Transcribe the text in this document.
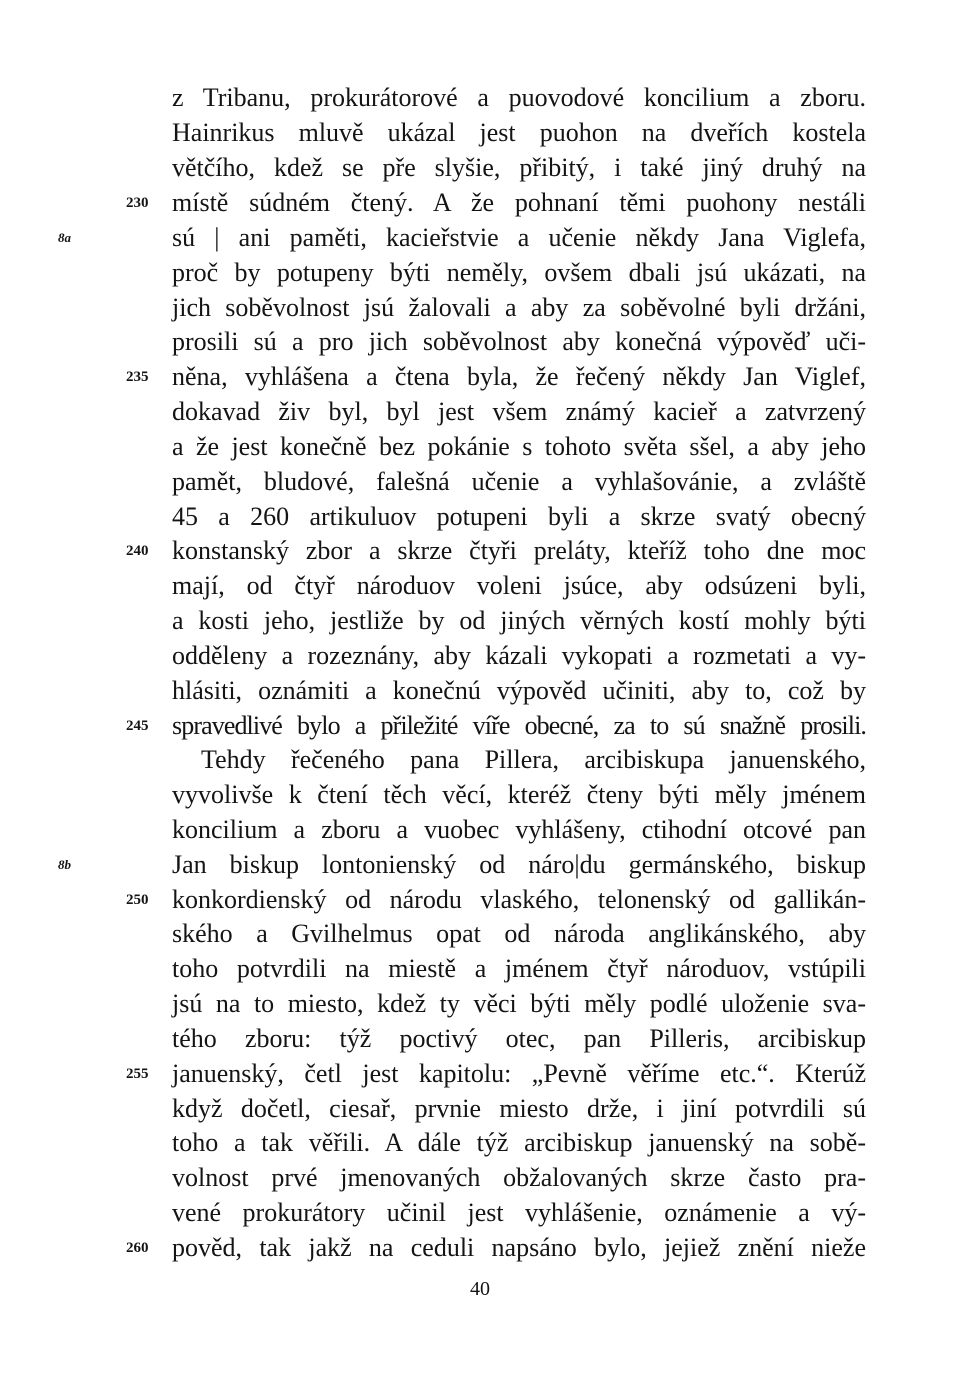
z Tribanu, prokurátorové a puovodové koncilium a zboru.
Hainrikus mluvě ukázal jest puohon na dveřích kostela
větčího, kdež se pře slyšie, přibitý, i také jiný druhý na
místě súdném čtený. A že pohnaní těmi puohony nestáli
sú | ani paměti, kacieřstvie a učenie někdy Jana Viglefa,
proč by potupeny býti neměly, ovšem dbali jsú ukázati, na
jich soběvolnost jsú žalovali a aby za soběvolné byli držáni,
prosili sú a pro jich soběvolnost aby konečná výpověď uči-
něna, vyhlášena a čtena byla, že řečený někdy Jan Viglef,
dokavad živ byl, byl jest všem známý kacieř a zatvrzený
a že jest konečně bez pokánie s tohoto světa sšel, a aby jeho
pamět, bludové, falešná učenie a vyhlašovánie, a zvláště
45 a 260 artikuluov potupeni byli a skrze svatý obecný
konstanský zbor a skrze čtyři preláty, kteříž toho dne moc
mají, od čtyř národuov voleni jsúce, aby odsúzeni byli,
a kosti jeho, jestliže by od jiných věrných kostí mohly býti
odděleny a rozeznány, aby kázali vykopati a rozmetati a vy-
hlásiti, oznámiti a konečnú výpověd učiniti, aby to, což by
spravedlivé bylo a přiležité víře obecné, za to sú snažně prosili.
Tehdy řečeného pana Pillera, arcibiskupa januenského,
vyvolivše k čtení těch věcí, kteréž čteny býti měly jménem
koncilium a zboru a vuobec vyhlášeny, ctihodní otcové pan
Jan biskup lontonienský od náro|du germánského, biskup
konkordienský od národu vlaského, telonenský od gallikán-
ského a Gvilhelmus opat od národa anglikánského, aby
toho potvrdili na miestě a jménem čtyř národuov, vstúpili
jsú na to miesto, kdež ty věci býti měly podlé uloženie sva-
tého zboru: týž poctivý otec, pan Pilleris, arcibiskup
januenský, četl jest kapitolu: „Pevně věříme etc.“. Kterúž
když dočetl, ciesař, prvnie miesto drže, i jiní potvrdili sú
toho a tak věřili. A dále týž arcibiskup januenský na sobě-
volnost prvé jmenovaných obžalovaných skrze často pra-
vené prokurátory učinil jest vyhlášenie, oznámenie a vý-
pověd, tak jakž na ceduli napsáno bylo, jejiež znění nieže
230
235
240
245
250
255
260
8a
8b
40
